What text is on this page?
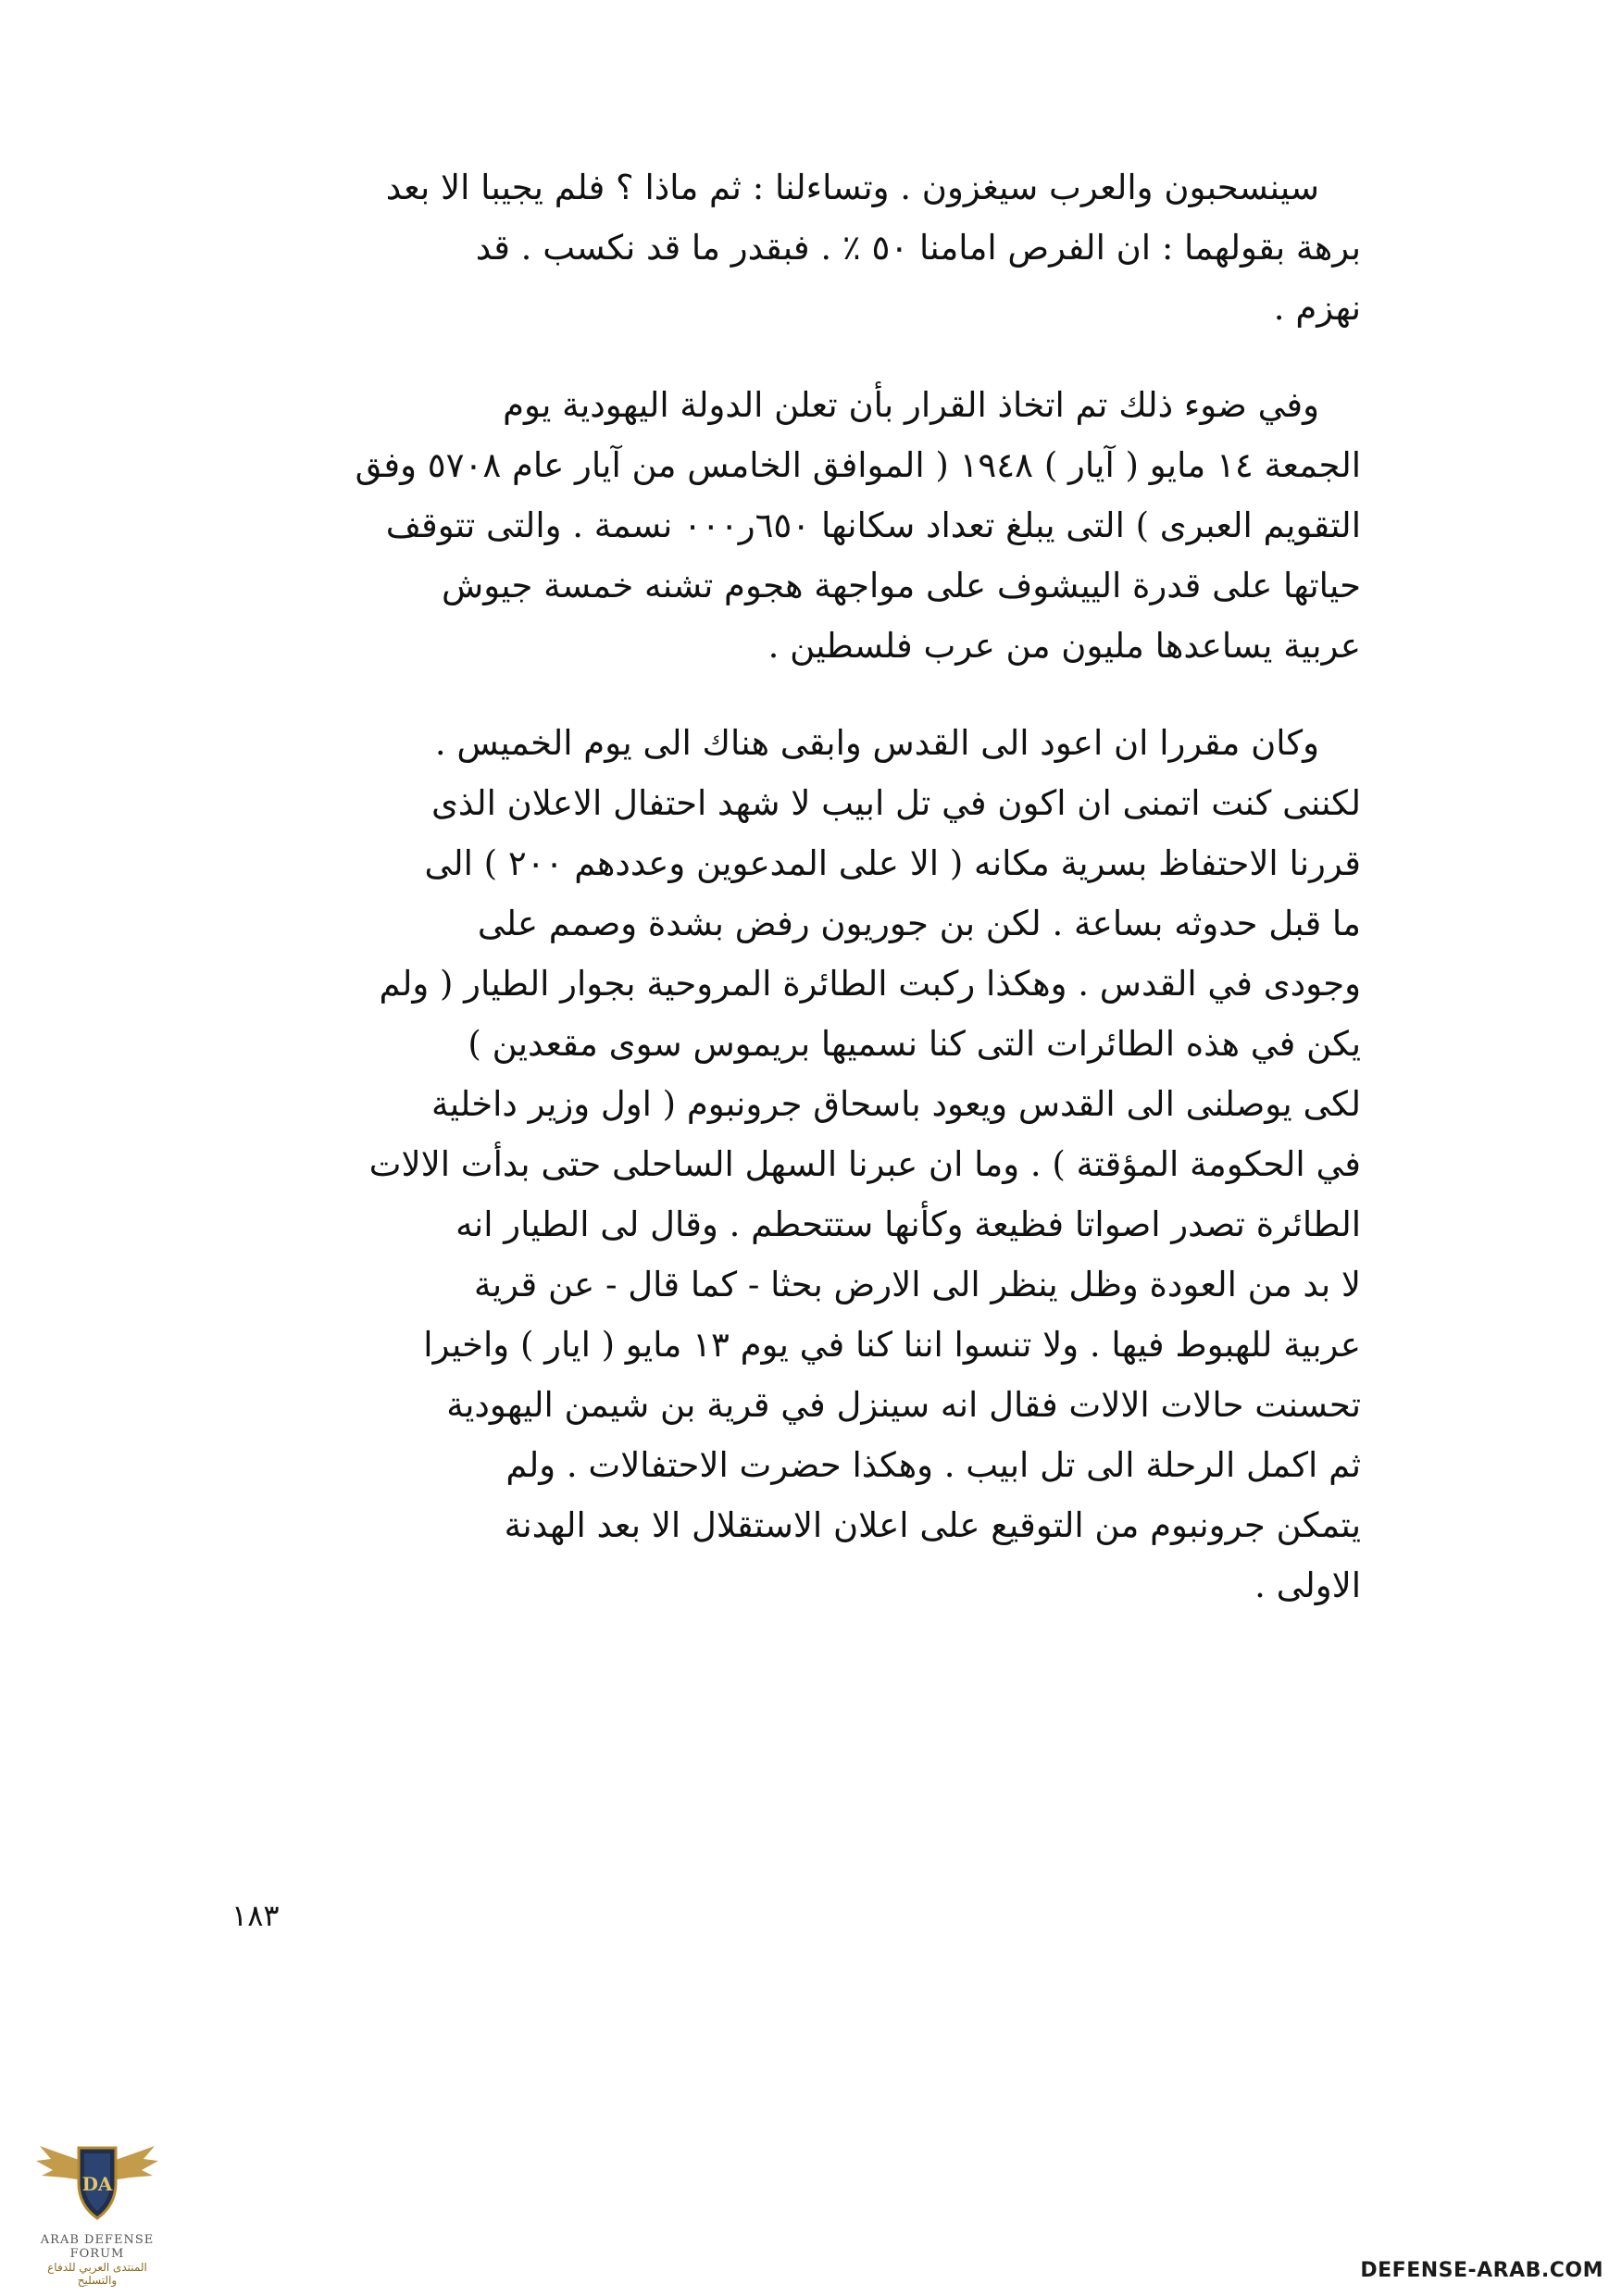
سينسحبون والعرب سيغزون . وتساءلنا : ثم ماذا ؟ فلم يجيبا الا بعد
برهة بقولهما : ان الفرص امامنا ٥٠ ٪ . فبقدر ما قد نكسب . قد
نهزم .
وفي ضوء ذلك تم اتخاذ القرار بأن تعلن الدولة اليهودية يوم
الجمعة ١٤ مايو ( آيار ) ١٩٤٨ ( الموافق الخامس من آيار عام ٥٧٠٨ وفق
التقويم العبرى ) التى يبلغ تعداد سكانها ٦٥٠ر٠٠٠ نسمة . والتى تتوقف
حياتها على قدرة الييشوف على مواجهة هجوم تشنه خمسة جيوش
عربية يساعدها مليون من عرب فلسطين .
وكان مقررا ان اعود الى القدس وابقى هناك الى يوم الخميس .
لكننى كنت اتمنى ان اكون في تل ابيب لا شهد احتفال الاعلان الذى
قررنا الاحتفاظ بسرية مكانه ( الا على المدعوين وعددهم ٢٠٠ ) الى
ما قبل حدوثه بساعة . لكن بن جوريون رفض بشدة وصمم على
وجودى في القدس . وهكذا ركبت الطائرة المروحية بجوار الطيار ( ولم
يكن في هذه الطائرات التى كنا نسميها بريموس سوى مقعدين )
لكى يوصلنى الى القدس ويعود باسحاق جرونبوم ( اول وزير داخلية
في الحكومة المؤقتة ) . وما ان عبرنا السهل الساحلى حتى بدأت الالات
الطائرة تصدر اصواتا فظيعة وكأنها ستتحطم . وقال لى الطيار انه
لا بد من العودة وظل ينظر الى الارض بحثا - كما قال - عن قرية
عربية للهبوط فيها . ولا تنسوا اننا كنا في يوم ١٣ مايو ( ايار ) واخيرا
تحسنت حالات الالات فقال انه سينزل في قرية بن شيمن اليهودية
ثم اكمل الرحلة الى تل ابيب . وهكذا حضرت الاحتفالات . ولم
يتمكن جرونبوم من التوقيع على اعلان الاستقلال الا بعد الهدنة
الاولى .
١٨٣
DA
ARAB DEFENSE FORUM
المنتدى العربي للدفاع والتسليح	DEFENSE-ARAB.COM
